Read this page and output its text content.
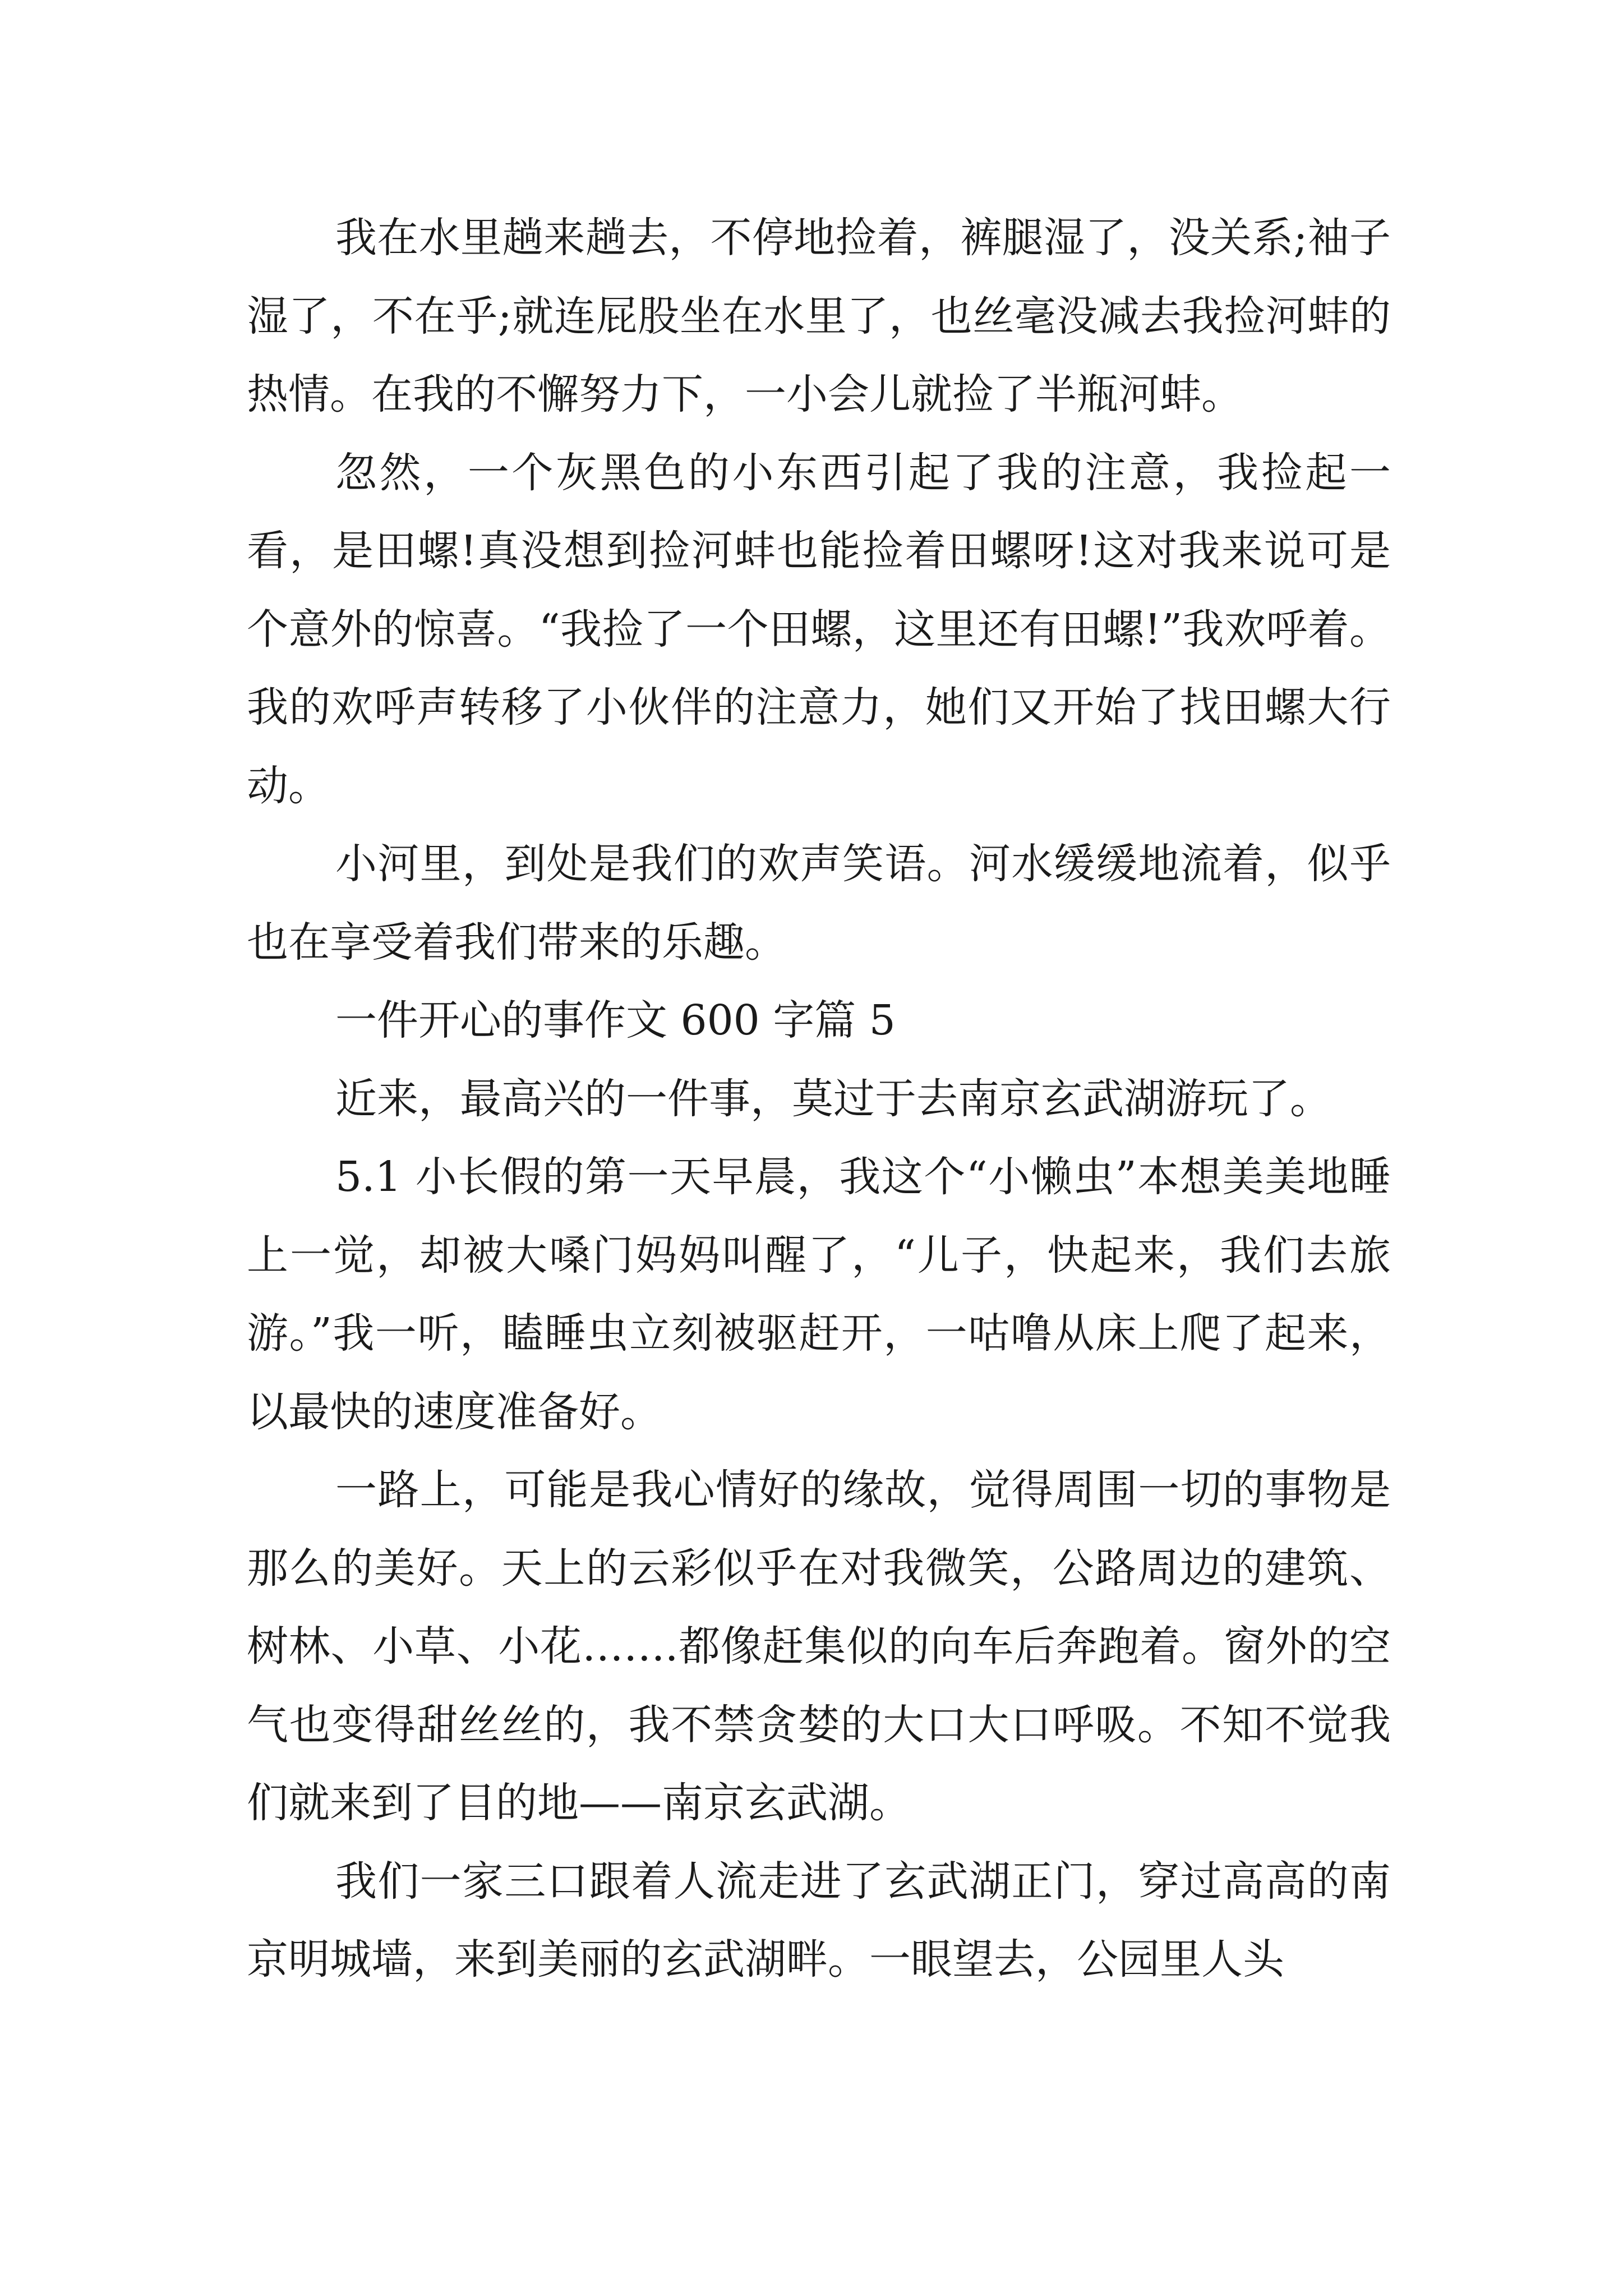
我在水里趟来趟去，不停地捡着，裤腿湿了，没关系;袖子湿了，不在乎;就连屁股坐在水里了，也丝毫没减去我捡河蚌的热情。在我的不懈努力下，一小会儿就捡了半瓶河蚌。

忽然，一个灰黑色的小东西引起了我的注意，我捡起一看，是田螺!真没想到捡河蚌也能捡着田螺呀!这对我来说可是个意外的惊喜。“我捡了一个田螺，这里还有田螺!”我欢呼着。我的欢呼声转移了小伙伴的注意力，她们又开始了找田螺大行动。

小河里，到处是我们的欢声笑语。河水缓缓地流着，似乎也在享受着我们带来的乐趣。

一件开心的事作文 600 字篇 5

近来，最高兴的一件事，莫过于去南京玄武湖游玩了。

5.1 小长假的第一天早晨，我这个“小懒虫”本想美美地睡上一觉，却被大嗓门妈妈叫醒了，“儿子，快起来，我们去旅游。”我一听，瞌睡虫立刻被驱赶开，一咕噜从床上爬了起来，以最快的速度准备好。

一路上，可能是我心情好的缘故，觉得周围一切的事物是那么的美好。天上的云彩似乎在对我微笑，公路周边的建筑、树林、小草、小花…….都像赶集似的向车后奔跑着。窗外的空气也变得甜丝丝的，我不禁贪婪的大口大口呼吸。不知不觉我们就来到了目的地——南京玄武湖。

我们一家三口跟着人流走进了玄武湖正门，穿过高高的南京明城墙，来到美丽的玄武湖畔。一眼望去，公园里人头
